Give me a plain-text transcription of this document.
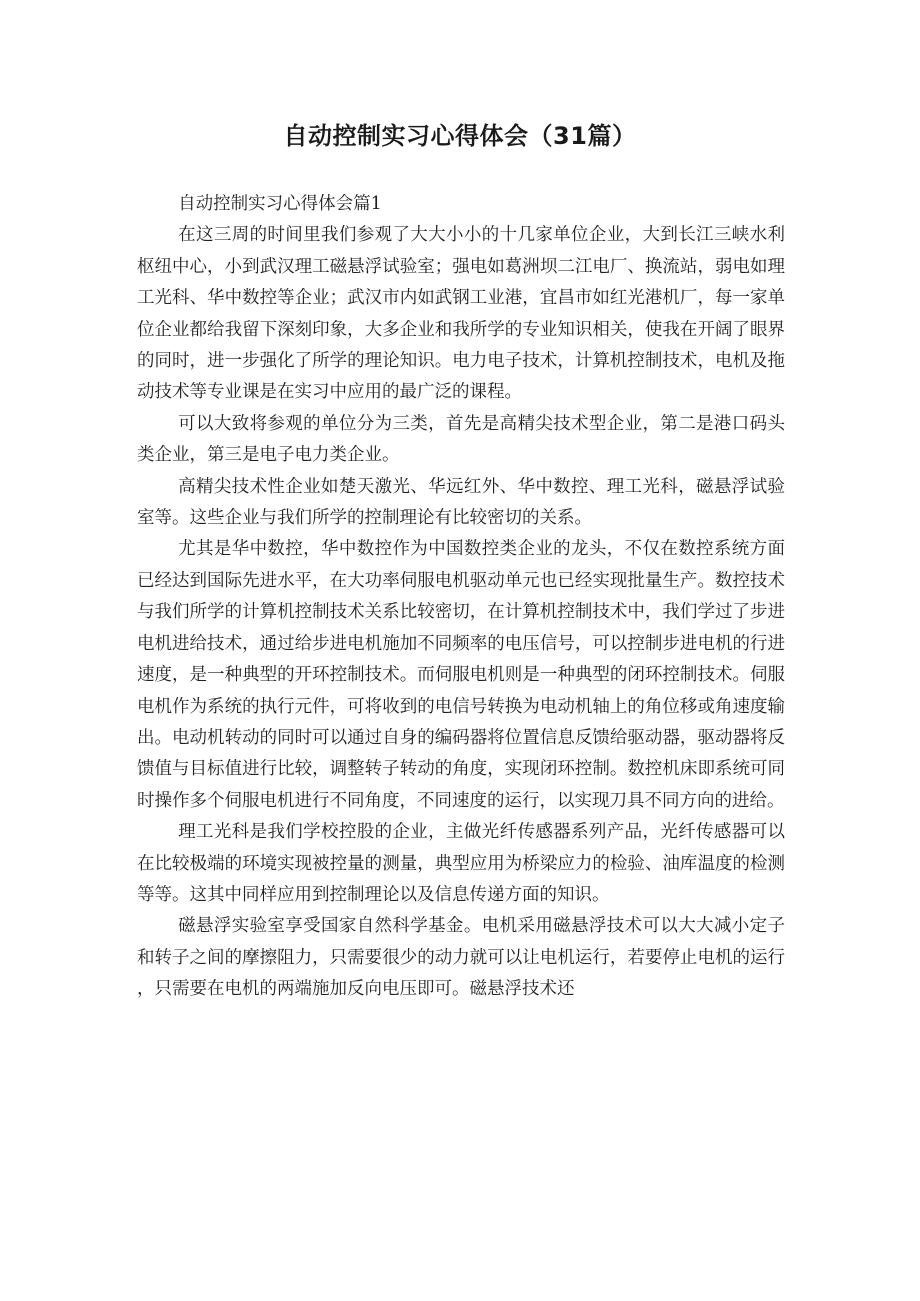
自动控制实习心得体会（31篇）

自动控制实习心得体会篇1

在这三周的时间里我们参观了大大小小的十几家单位企业，大到长江三峡水利枢纽中心，小到武汉理工磁悬浮试验室；强电如葛洲坝二江电厂、换流站，弱电如理工光科、华中数控等企业；武汉市内如武钢工业港，宜昌市如红光港机厂，每一家单位企业都给我留下深刻印象，大多企业和我所学的专业知识相关，使我在开阔了眼界的同时，进一步强化了所学的理论知识。电力电子技术，计算机控制技术，电机及拖动技术等专业课是在实习中应用的最广泛的课程。

可以大致将参观的单位分为三类，首先是高精尖技术型企业，第二是港口码头类企业，第三是电子电力类企业。

高精尖技术性企业如楚天激光、华远红外、华中数控、理工光科，磁悬浮试验室等。这些企业与我们所学的控制理论有比较密切的关系。

尤其是华中数控，华中数控作为中国数控类企业的龙头，不仅在数控系统方面已经达到国际先进水平，在大功率伺服电机驱动单元也已经实现批量生产。数控技术与我们所学的计算机控制技术关系比较密切，在计算机控制技术中，我们学过了步进电机进给技术，通过给步进电机施加不同频率的电压信号，可以控制步进电机的行进速度，是一种典型的开环控制技术。而伺服电机则是一种典型的闭环控制技术。伺服电机作为系统的执行元件，可将收到的电信号转换为电动机轴上的角位移或角速度输出。电动机转动的同时可以通过自身的编码器将位置信息反馈给驱动器，驱动器将反馈值与目标值进行比较，调整转子转动的角度，实现闭环控制。数控机床即系统可同时操作多个伺服电机进行不同角度，不同速度的运行，以实现刀具不同方向的进给。

理工光科是我们学校控股的企业，主做光纤传感器系列产品，光纤传感器可以在比较极端的环境实现被控量的测量，典型应用为桥梁应力的检验、油库温度的检测等等。这其中同样应用到控制理论以及信息传递方面的知识。

磁悬浮实验室享受国家自然科学基金。电机采用磁悬浮技术可以大大减小定子和转子之间的摩擦阻力，只需要很少的动力就可以让电机运行，若要停止电机的运行，只需要在电机的两端施加反向电压即可。磁悬浮技术还
